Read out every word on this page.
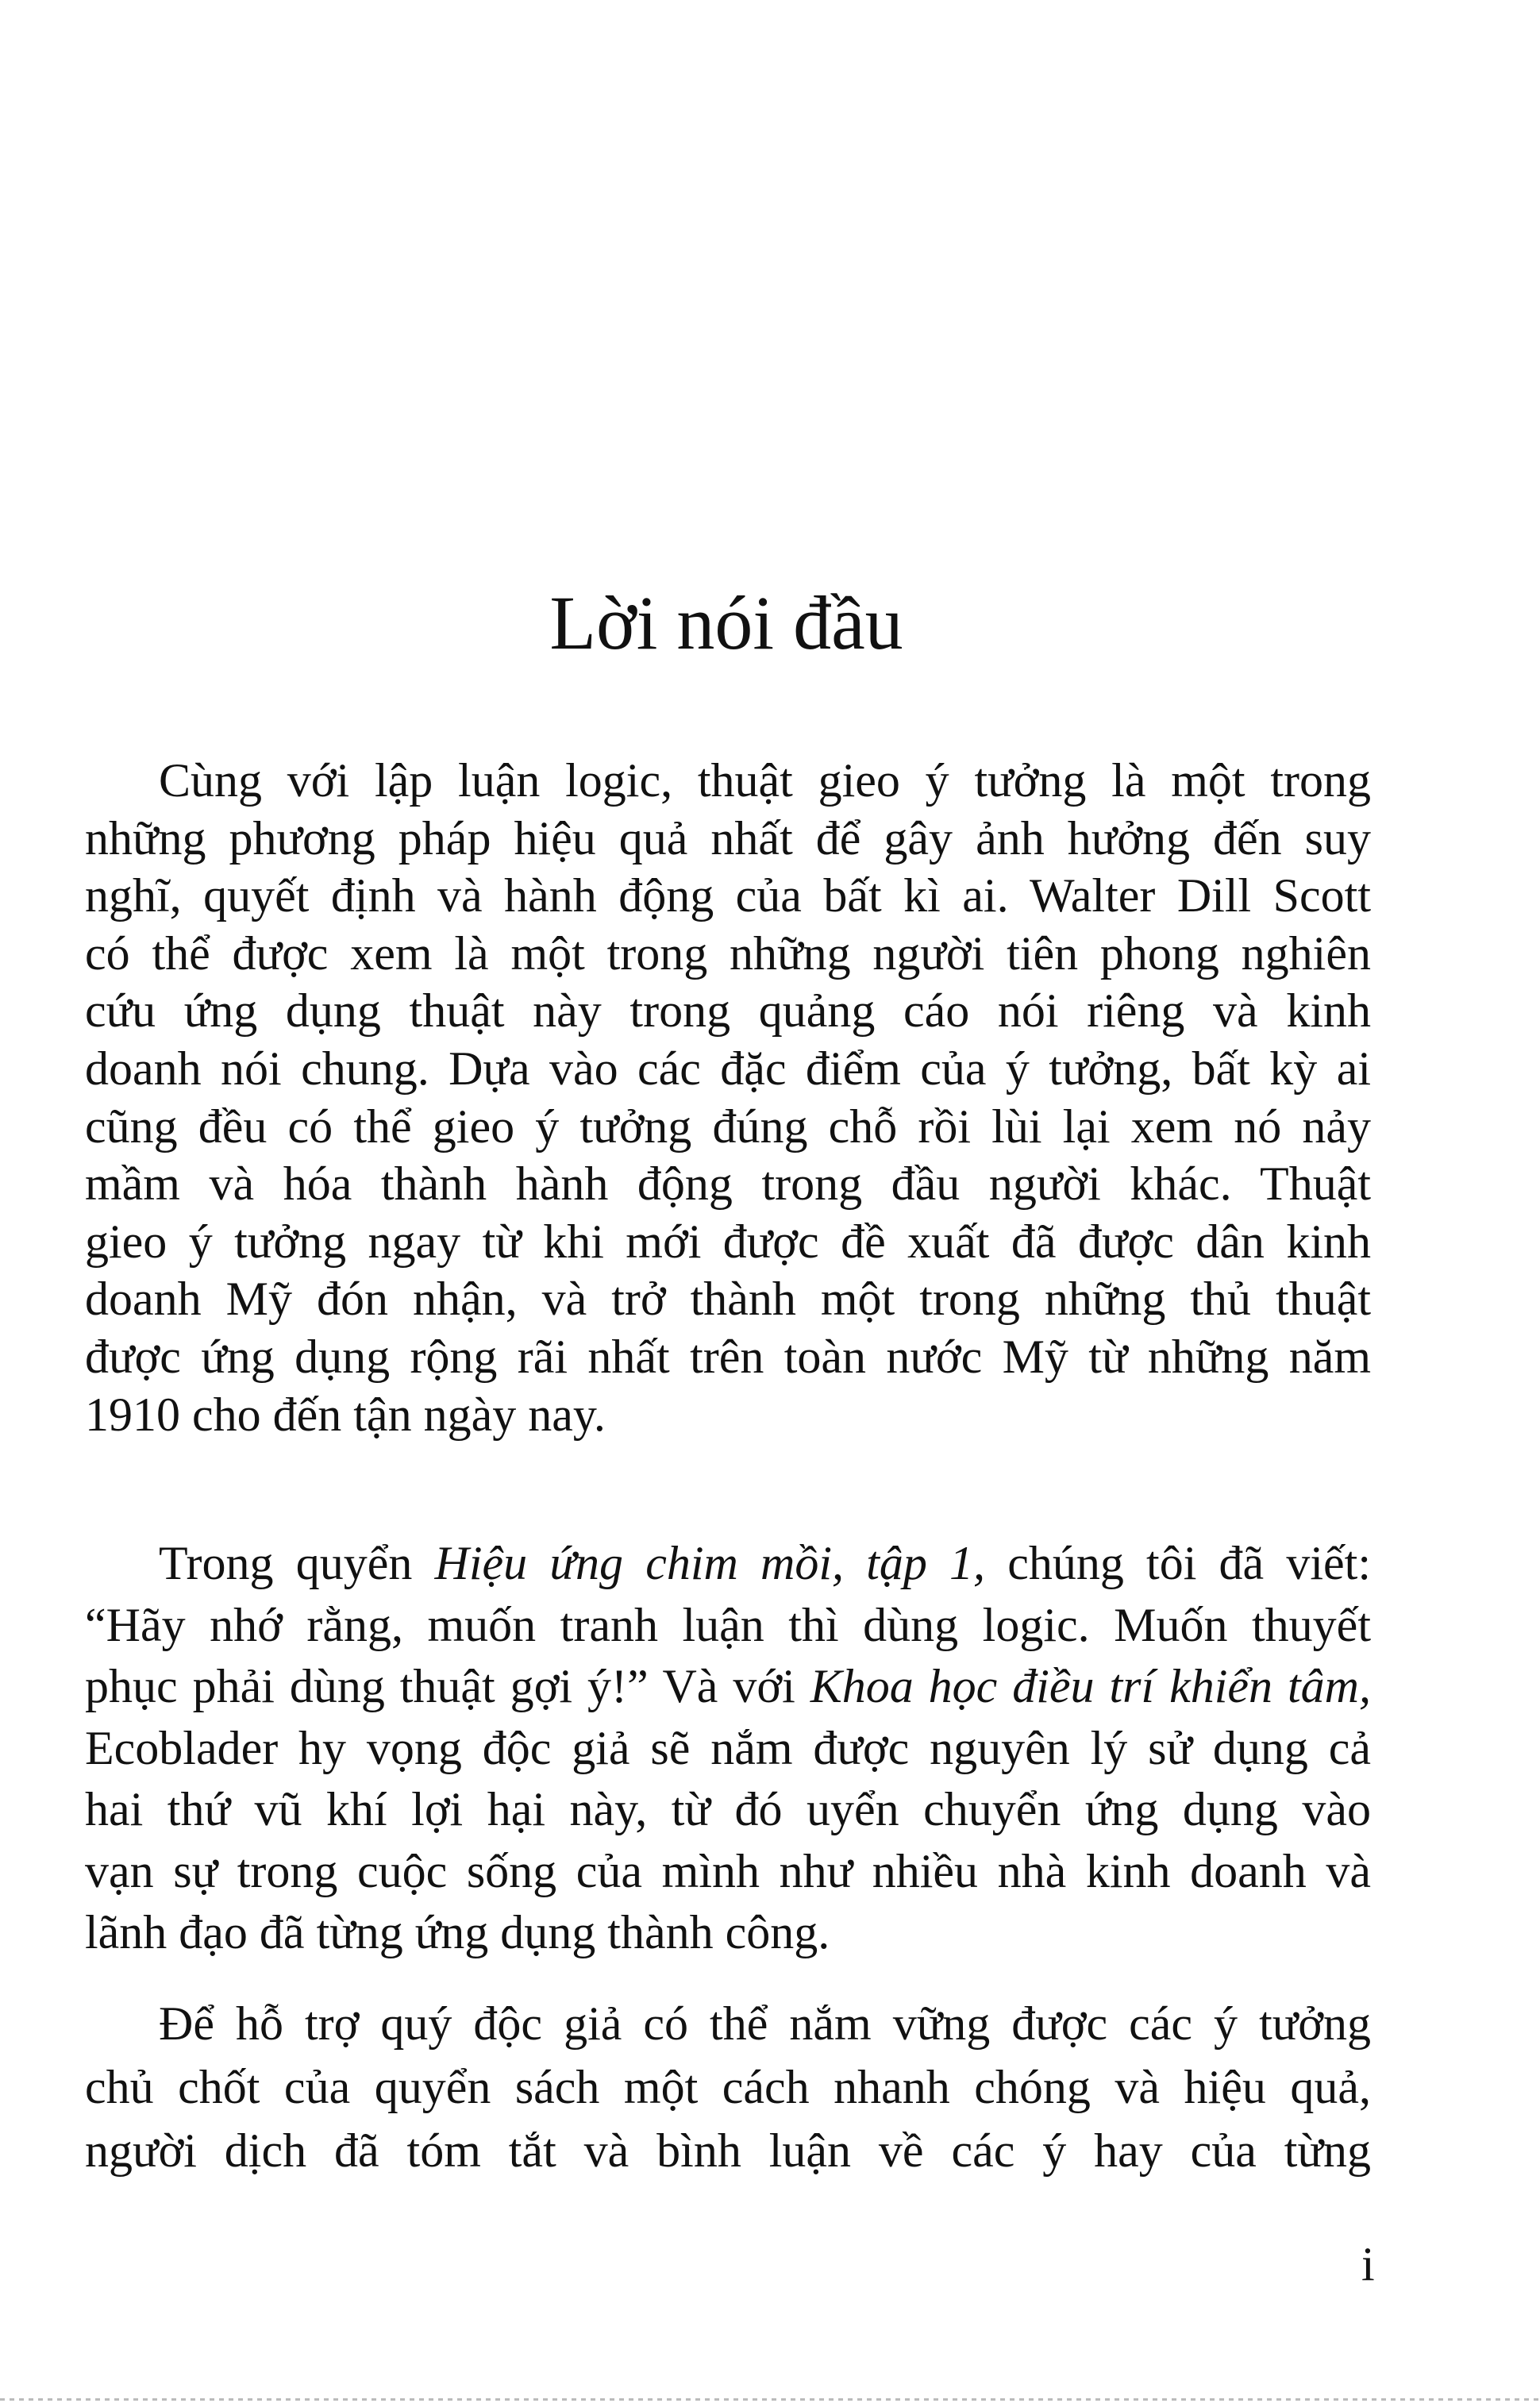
Lời nói đầu
Cùng với lập luận logic, thuật gieo ý tưởng là một trong
những phương pháp hiệu quả nhất để gây ảnh hưởng đến suy
nghĩ, quyết định và hành động của bất kì ai. Walter Dill Scott
có thể được xem là một trong những người tiên phong nghiên
cứu ứng dụng thuật này trong quảng cáo nói riêng và kinh
doanh nói chung. Dựa vào các đặc điểm của ý tưởng, bất kỳ ai
cũng đều có thể gieo ý tưởng đúng chỗ rồi lùi lại xem nó nảy
mầm và hóa thành hành động trong đầu người khác. Thuật
gieo ý tưởng ngay từ khi mới được đề xuất đã được dân kinh
doanh Mỹ đón nhận, và trở thành một trong những thủ thuật
được ứng dụng rộng rãi nhất trên toàn nước Mỹ từ những năm
1910 cho đến tận ngày nay.
Trong quyển Hiệu ứng chim mồi, tập 1, chúng tôi đã viết:
“Hãy nhớ rằng, muốn tranh luận thì dùng logic. Muốn thuyết
phục phải dùng thuật gợi ý!” Và với Khoa học điều trí khiển tâm,
Ecoblader hy vọng độc giả sẽ nắm được nguyên lý sử dụng cả
hai thứ vũ khí lợi hại này, từ đó uyển chuyển ứng dụng vào
vạn sự trong cuộc sống của mình như nhiều nhà kinh doanh và
lãnh đạo đã từng ứng dụng thành công.
Để hỗ trợ quý độc giả có thể nắm vững được các ý tưởng
chủ chốt của quyển sách một cách nhanh chóng và hiệu quả,
người dịch đã tóm tắt và bình luận về các ý hay của từng
i
